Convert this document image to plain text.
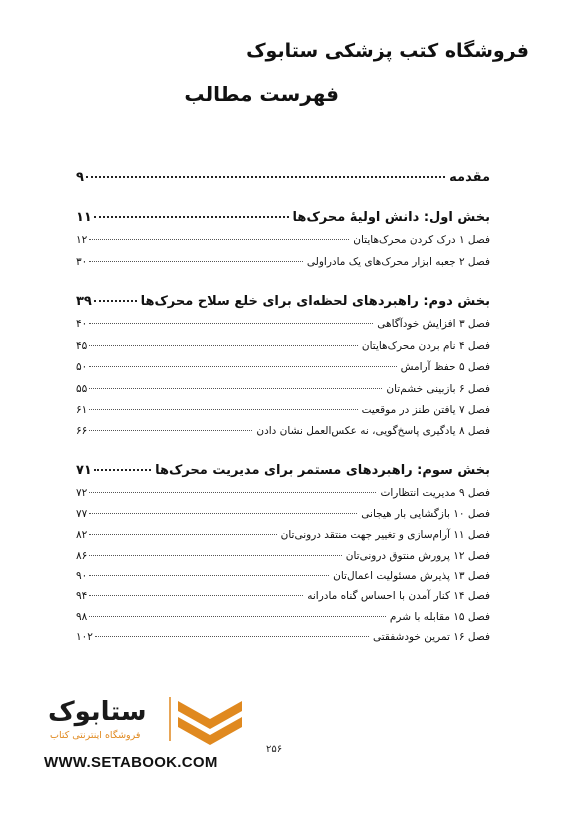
فروشگاه کتب پزشکی ستابوک
فهرست مطالب
مقدمه
۹
بخش اول: دانش اولیۀ محرک‌ها
۱۱
فصل ۱ درک کردن محرک‌هایتان
۱۲
فصل ۲ جعبه ابزار محرک‌های یک مادراولی
۳۰
بخش دوم: راهبردهای لحظه‌ای برای خلع سلاح محرک‌ها
۳۹
فصل ۳ افزایش خودآگاهی
۴۰
فصل ۴ نام بردن محرک‌هایتان
۴۵
فصل ۵ حفظ آرامش
۵۰
فصل ۶ بازبینی خشم‌تان
۵۵
فصل ۷ یافتن طنز در موقعیت
۶۱
فصل ۸ یادگیری پاسخ‌گویی، نه عکس‌العمل نشان دادن
۶۶
بخش سوم: راهبردهای مستمر برای مدیریت محرک‌ها
۷۱
فصل ۹ مدیریت انتظارات
۷۲
فصل ۱۰ بازگشایی بار هیجانی
۷۷
فصل ۱۱ آرام‌سازی و تغییر جهت منتقد درونی‌تان
۸۲
فصل ۱۲ پرورش منتوق درونی‌تان
۸۶
فصل ۱۳ پذیرش مسئولیت اعمال‌تان
۹۰
فصل ۱۴ کنار آمدن با احساس گناه مادرانه
۹۴
فصل ۱۵ مقابله با شرم
۹۸
فصل ۱۶ تمرین خودشفقتی
۱۰۲
ستابوک
فروشگاه اینترنتی کتاب
۲۵۶
WWW.SETABOOK.COM
